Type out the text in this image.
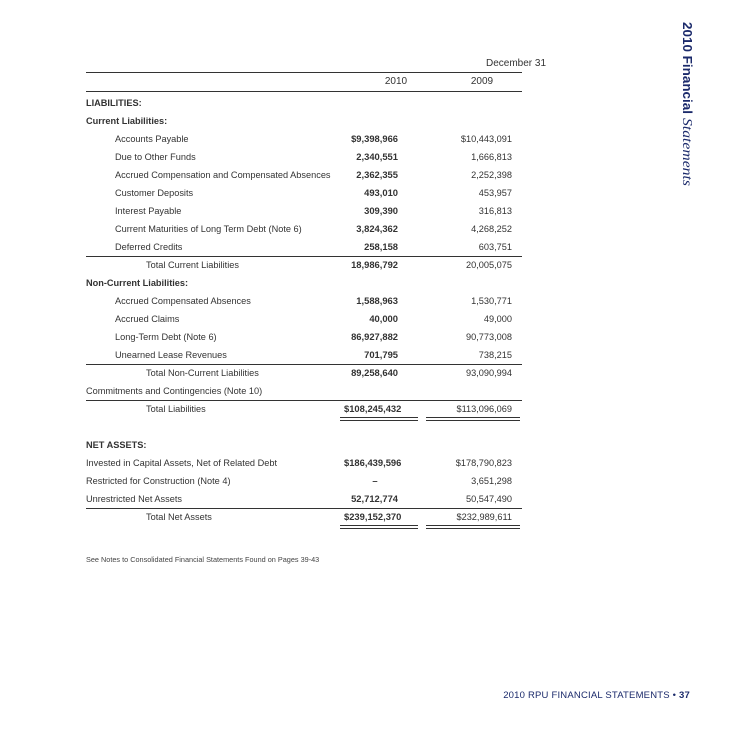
2010 Financial
Statements
December 31
2010	2009
LIABILITIES:
Current Liabilities:
Accounts Payable	$9,398,966	$10,443,091
Due to Other Funds	2,340,551	1,666,813
Accrued Compensation and Compensated Absences	2,362,355	2,252,398
Customer Deposits	493,010	453,957
Interest Payable	309,390	316,813
Current Maturities of Long Term Debt (Note 6)	3,824,362	4,268,252
Deferred Credits	258,158	603,751
Total Current Liabilities	18,986,792	20,005,075
Non-Current Liabilities:
Accrued Compensated Absences	1,588,963	1,530,771
Accrued Claims	40,000	49,000
Long-Term Debt (Note 6)	86,927,882	90,773,008
Unearned Lease Revenues	701,795	738,215
Total Non-Current Liabilities	89,258,640	93,090,994
Commitments and Contingencies (Note 10)
Total Liabilities	$108,245,432	$113,096,069
NET ASSETS:
Invested in Capital Assets, Net of Related Debt	$186,439,596	$178,790,823
Restricted for Construction (Note 4)	–	3,651,298
Unrestricted Net Assets	52,712,774	50,547,490
Total Net Assets	$239,152,370	$232,989,611
See Notes to Consolidated Financial Statements Found on Pages 39-43
2010 RPU FINANCIAL STATEMENTS • 37
